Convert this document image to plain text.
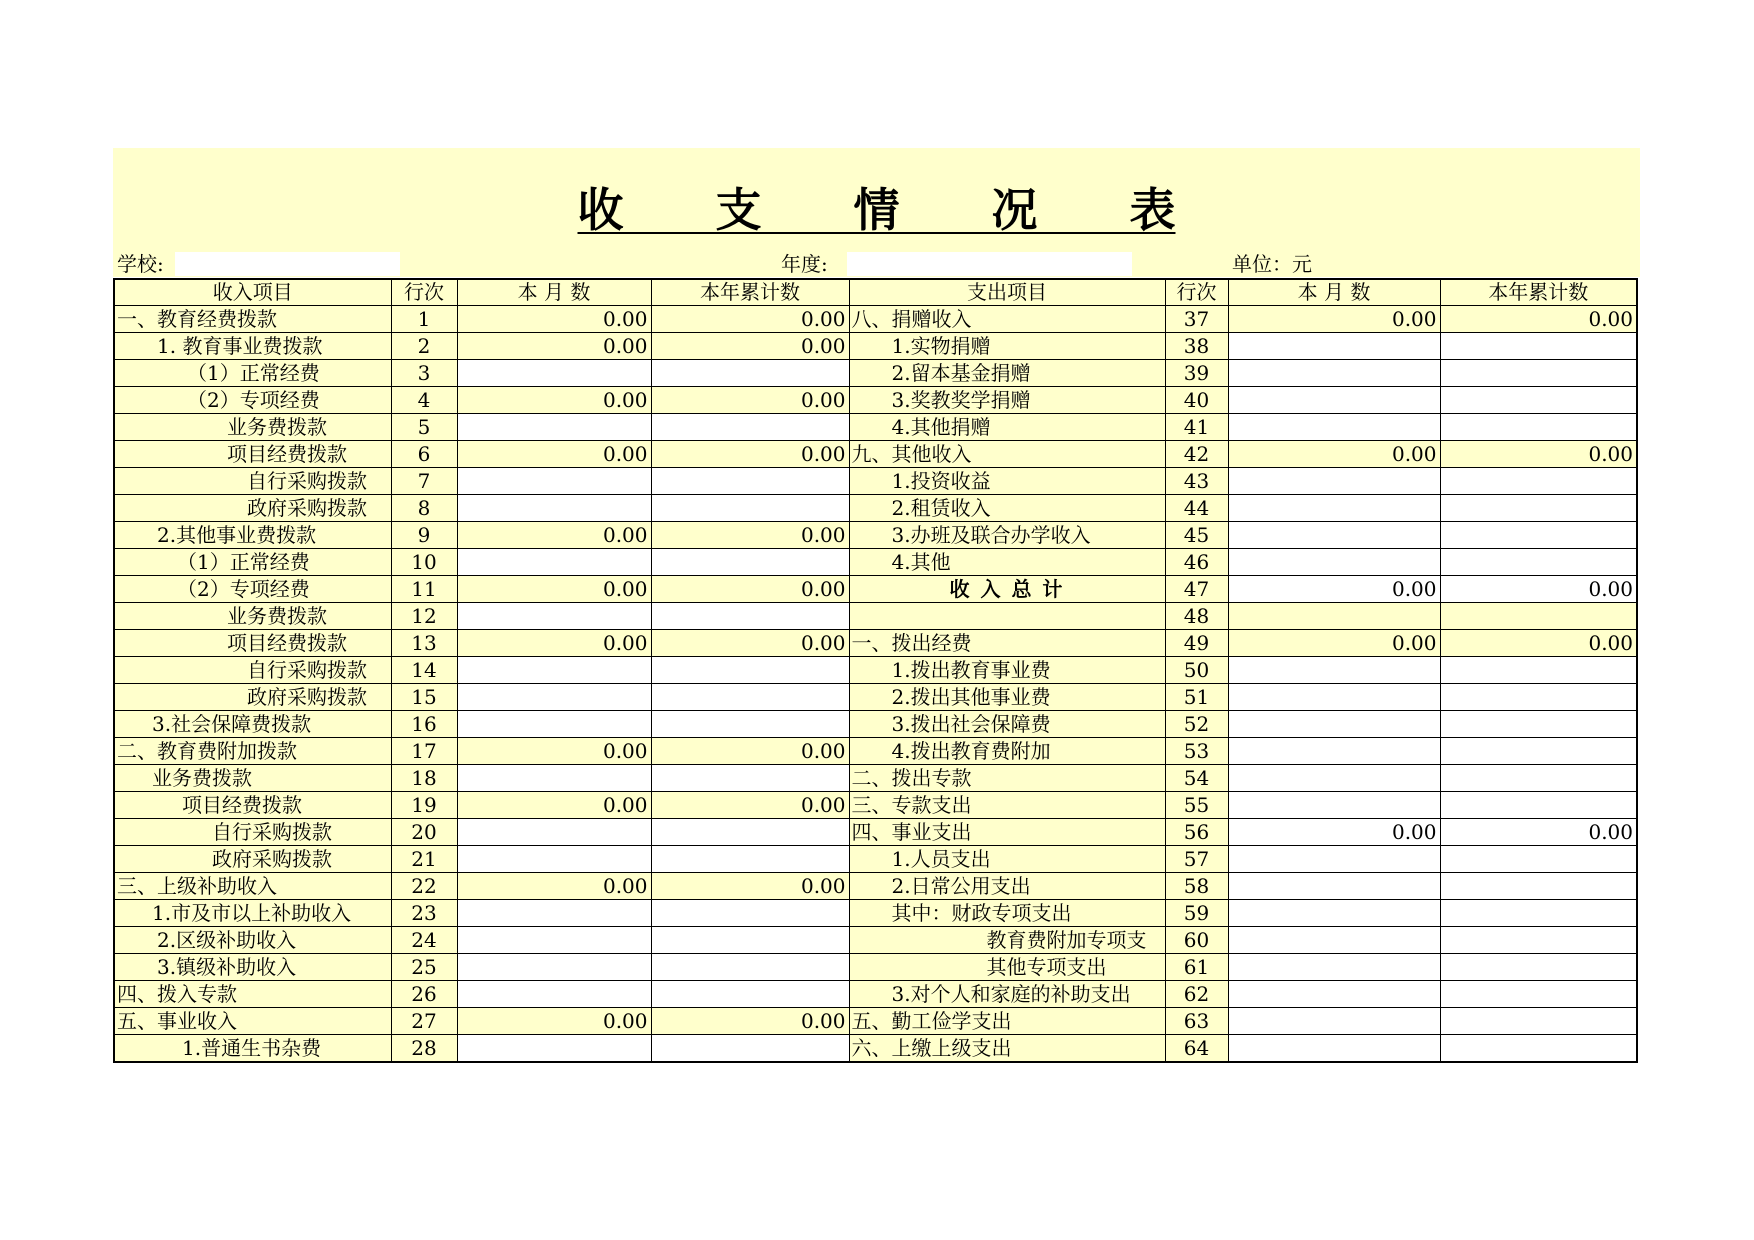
收  支  情  况  表
学校:	年度:	单位：元
收入项目	行次	本 月 数	本年累计数	支出项目	行次	本 月 数	本年累计数
一、教育经费拨款	1	0.00	0.00	八、捐赠收入	37	0.00	0.00
1. 教育事业费拨款	2	0.00	0.00	1.实物捐赠	38		
（1）正常经费	3			2.留本基金捐赠	39		
（2）专项经费	4	0.00	0.00	3.奖教奖学捐赠	40		
业务费拨款	5			4.其他捐赠	41		
项目经费拨款	6	0.00	0.00	九、其他收入	42	0.00	0.00
自行采购拨款	7			1.投资收益	43		
政府采购拨款	8			2.租赁收入	44		
2.其他事业费拨款	9	0.00	0.00	3.办班及联合办学收入	45		
（1）正常经费	10			4.其他	46		
（2）专项经费	11	0.00	0.00	收 入 总 计	47	0.00	0.00
业务费拨款	12				48		
项目经费拨款	13	0.00	0.00	一、拨出经费	49	0.00	0.00
自行采购拨款	14			1.拨出教育事业费	50		
政府采购拨款	15			2.拨出其他事业费	51		
3.社会保障费拨款	16			3.拨出社会保障费	52		
二、教育费附加拨款	17	0.00	0.00	4.拨出教育费附加	53		
业务费拨款	18			二、拨出专款	54		
项目经费拨款	19	0.00	0.00	三、专款支出	55		
自行采购拨款	20			四、事业支出	56	0.00	0.00
政府采购拨款	21			1.人员支出	57		
三、上级补助收入	22	0.00	0.00	2.日常公用支出	58		
1.市及市以上补助收入	23			其中：财政专项支出	59		
2.区级补助收入	24			教育费附加专项支	60		
3.镇级补助收入	25			其他专项支出	61		
四、拨入专款	26			3.对个人和家庭的补助支出	62		
五、事业收入	27	0.00	0.00	五、勤工俭学支出	63		
1.普通生书杂费	28			六、上缴上级支出	64		
